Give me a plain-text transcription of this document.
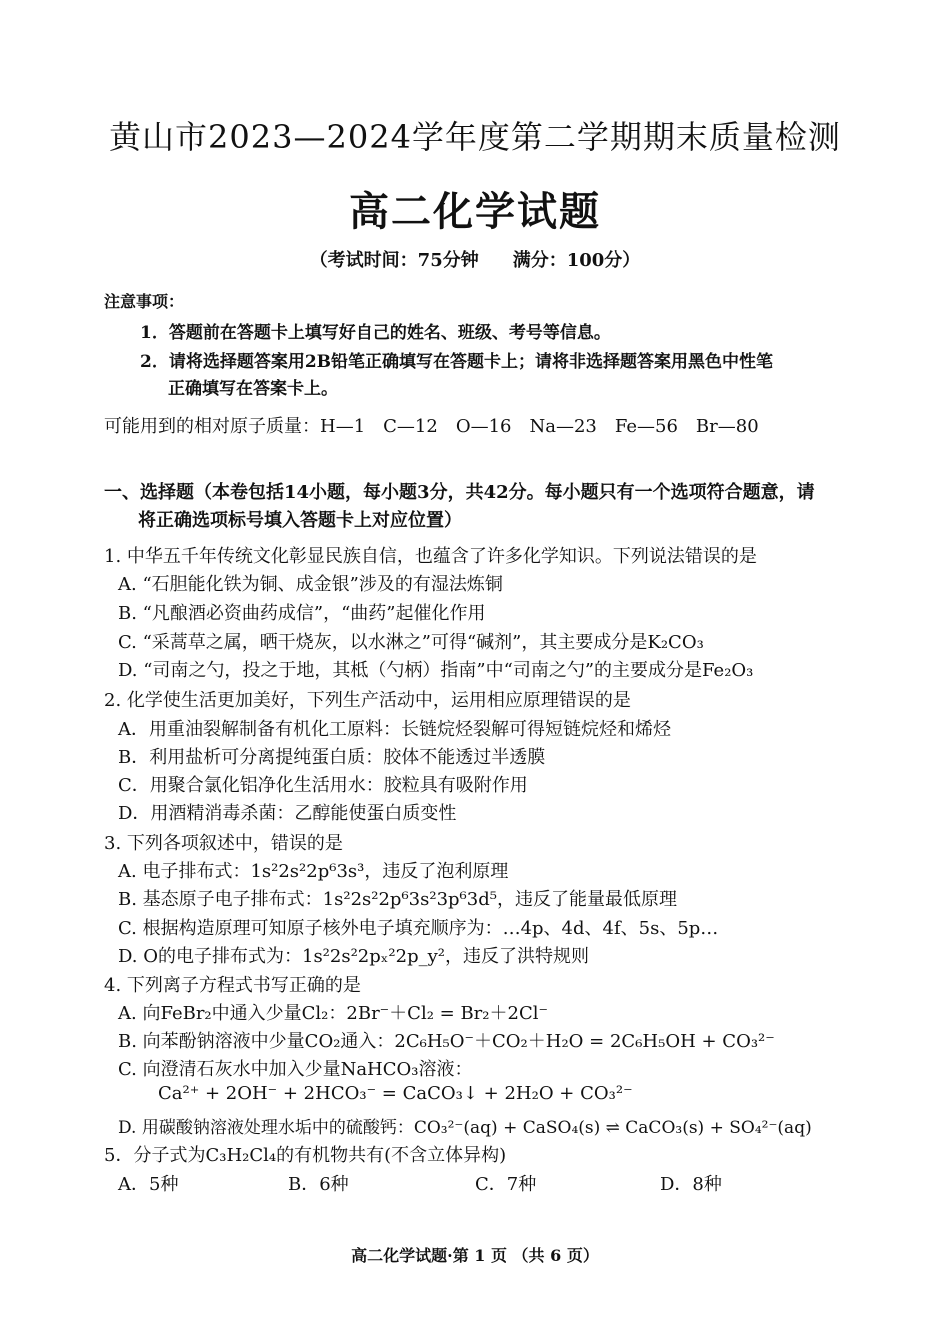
黄山市2023—2024学年度第二学期期末质量检测
高二化学试题
（考试时间：75分钟 满分：100分）
注意事项：
1．答题前在答题卡上填写好自己的姓名、班级、考号等信息。
2．请将选择题答案用2B铅笔正确填写在答题卡上；请将非选择题答案用黑色中性笔
正确填写在答案卡上。
可能用到的相对原子质量：H—1　C—12　O—16　Na—23　Fe—56　Br—80
一、选择题（本卷包括14小题，每小题3分，共42分。每小题只有一个选项符合题意，请
将正确选项标号填入答题卡上对应位置）
1. 中华五千年传统文化彰显民族自信，也蕴含了许多化学知识。下列说法错误的是
A. “石胆能化铁为铜、成金银”涉及的有湿法炼铜
B. “凡酿酒必资曲药成信”，“曲药”起催化作用
C. “采蒿草之属，晒干烧灰，以水淋之”可得“碱剂”，其主要成分是K₂CO₃
D. “司南之勺，投之于地，其柢（勺柄）指南”中“司南之勺”的主要成分是Fe₂O₃
2. 化学使生活更加美好，下列生产活动中，运用相应原理错误的是
A．用重油裂解制备有机化工原料：长链烷烃裂解可得短链烷烃和烯烃
B．利用盐析可分离提纯蛋白质：胶体不能透过半透膜
C．用聚合氯化铝净化生活用水：胶粒具有吸附作用
D．用酒精消毒杀菌：乙醇能使蛋白质变性
3. 下列各项叙述中，错误的是
A. 电子排布式：1s²2s²2p⁶3s³，违反了泡利原理
B. 基态原子电子排布式：1s²2s²2p⁶3s²3p⁶3d⁵，违反了能量最低原理
C. 根据构造原理可知原子核外电子填充顺序为：…4p、4d、4f、5s、5p…
D. O的电子排布式为：1s²2s²2pₓ²2p_y²，违反了洪特规则
4. 下列离子方程式书写正确的是
A. 向FeBr₂中通入少量Cl₂：2Br⁻＋Cl₂ = Br₂＋2Cl⁻
B. 向苯酚钠溶液中少量CO₂通入：2C₆H₅O⁻＋CO₂＋H₂O = 2C₆H₅OH + CO₃²⁻
C. 向澄清石灰水中加入少量NaHCO₃溶液：
Ca²⁺ + 2OH⁻ + 2HCO₃⁻ = CaCO₃↓ + 2H₂O + CO₃²⁻
D. 用碳酸钠溶液处理水垢中的硫酸钙：CO₃²⁻(aq) + CaSO₄(s) ⇌ CaCO₃(s) + SO₄²⁻(aq)
5．分子式为C₃H₂Cl₄的有机物共有(不含立体异构)
A．5种	B．6种	C．7种	D．8种
高二化学试题·第 1 页 （共 6 页）
